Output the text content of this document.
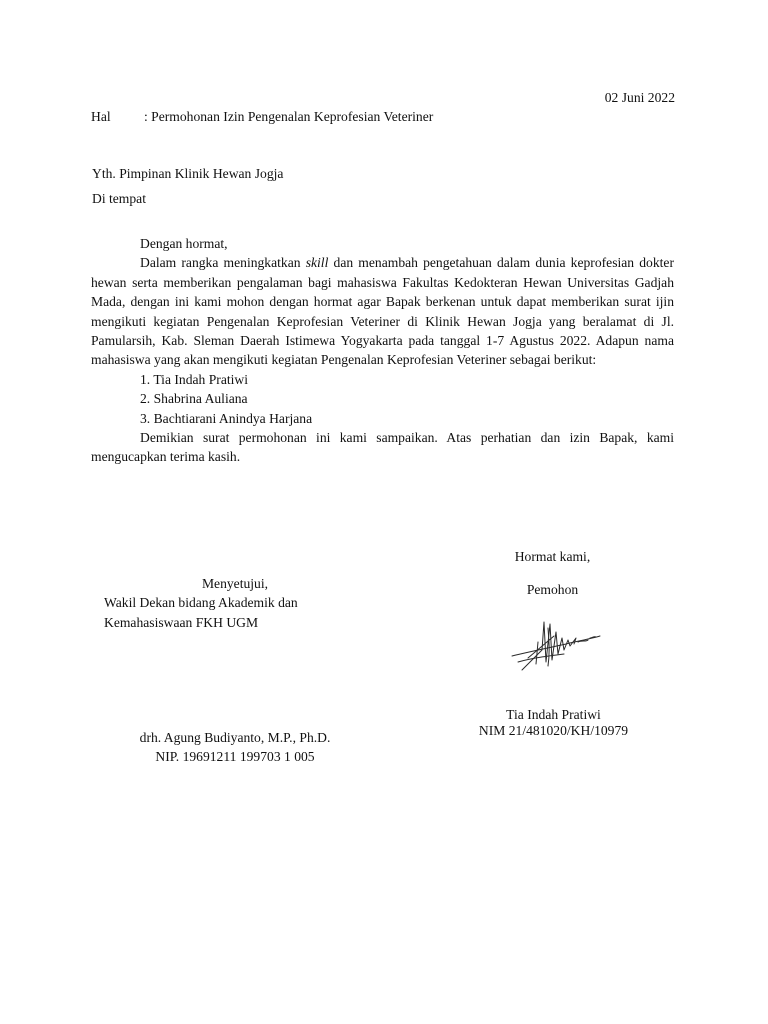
02 Juni 2022
Hal : Permohonan Izin Pengenalan Keprofesian Veteriner
Yth. Pimpinan Klinik Hewan Jogja
Di tempat

Dengan hormat,

Dalam rangka meningkatkan skill dan menambah pengetahuan dalam dunia keprofesian dokter hewan serta memberikan pengalaman bagi mahasiswa Fakultas Kedokteran Hewan Universitas Gadjah Mada, dengan ini kami mohon dengan hormat agar Bapak berkenan untuk dapat memberikan surat ijin mengikuti kegiatan Pengenalan Keprofesian Veteriner di Klinik Hewan Jogja yang beralamat di Jl. Pamularsih, Kab. Sleman Daerah Istimewa Yogyakarta pada tanggal 1-7 Agustus 2022. Adapun nama mahasiswa yang akan mengikuti kegiatan Pengenalan Keprofesian Veteriner sebagai berikut:

1. Tia Indah Pratiwi
2. Shabrina Auliana
3. Bachtiarani Anindya Harjana

Demikian surat permohonan ini kami sampaikan. Atas perhatian dan izin Bapak, kami mengucapkan terima kasih.

Hormat kami,
Pemohon
Menyetujui,
Wakil Dekan bidang Akademik dan
Kemahasiswaan FKH UGM
Tia Indah Pratiwi
NIM 21/481020/KH/10979
drh. Agung Budiyanto, M.P., Ph.D.
NIP. 19691211 199703 1 005
